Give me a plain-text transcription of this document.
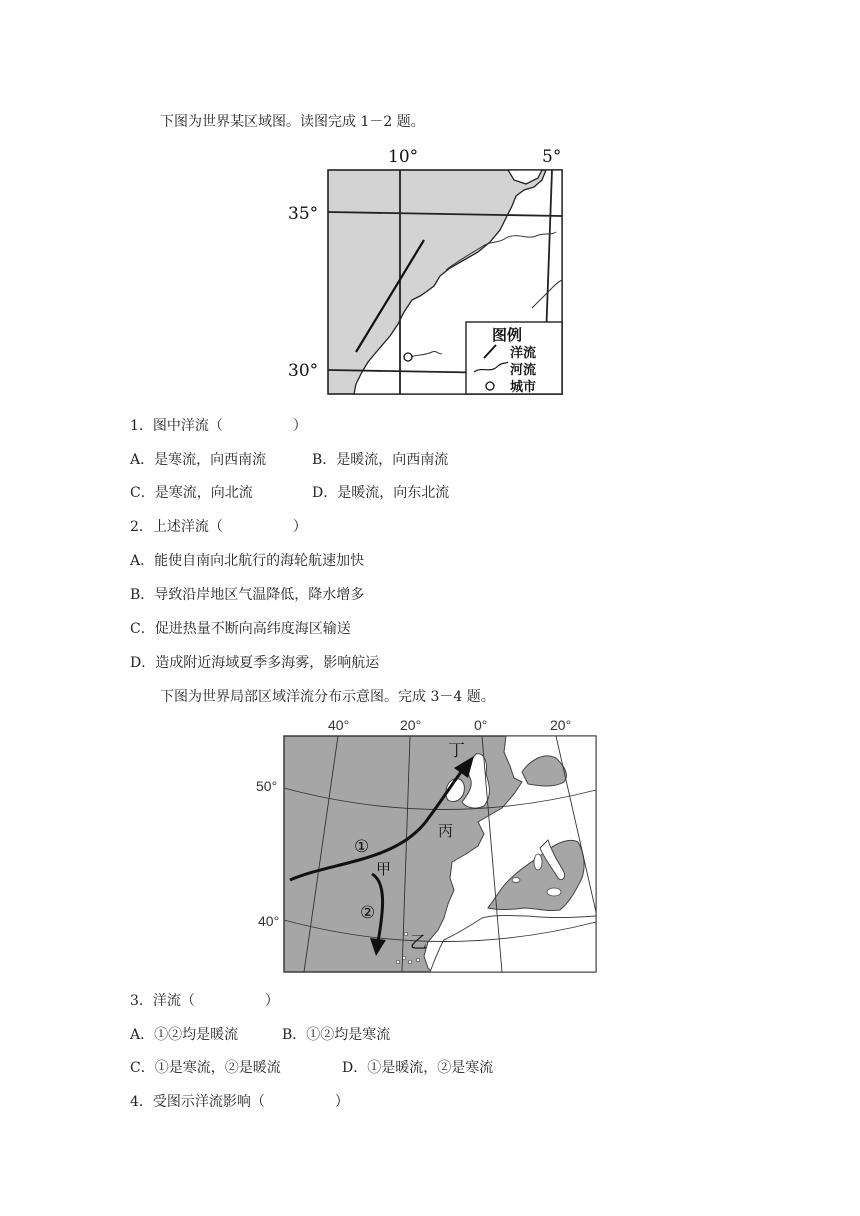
下图为世界某区域图。读图完成 1－2 题。
10°	5°
35°
30°
图例
洋流
河流
城市
1．图中洋流（　　　　　）
A．是寒流，向西南流	B．是暖流，向西南流
C．是寒流，向北流	D．是暖流，向东北流
2．上述洋流（　　　　　）
A．能使自南向北航行的海轮航速加快
B．导致沿岸地区气温降低，降水增多
C．促进热量不断向高纬度海区输送
D．造成附近海域夏季多海雾，影响航运
下图为世界局部区域洋流分布示意图。完成 3－4 题。
40°	20°	0°	20°
50°
40°
丁
丙
①
甲
②
乙
3．洋流（　　　　　）
A．①②均是暖流	B．①②均是寒流
C．①是寒流，②是暖流	D．①是暖流，②是寒流
4．受图示洋流影响（　　　　　）
